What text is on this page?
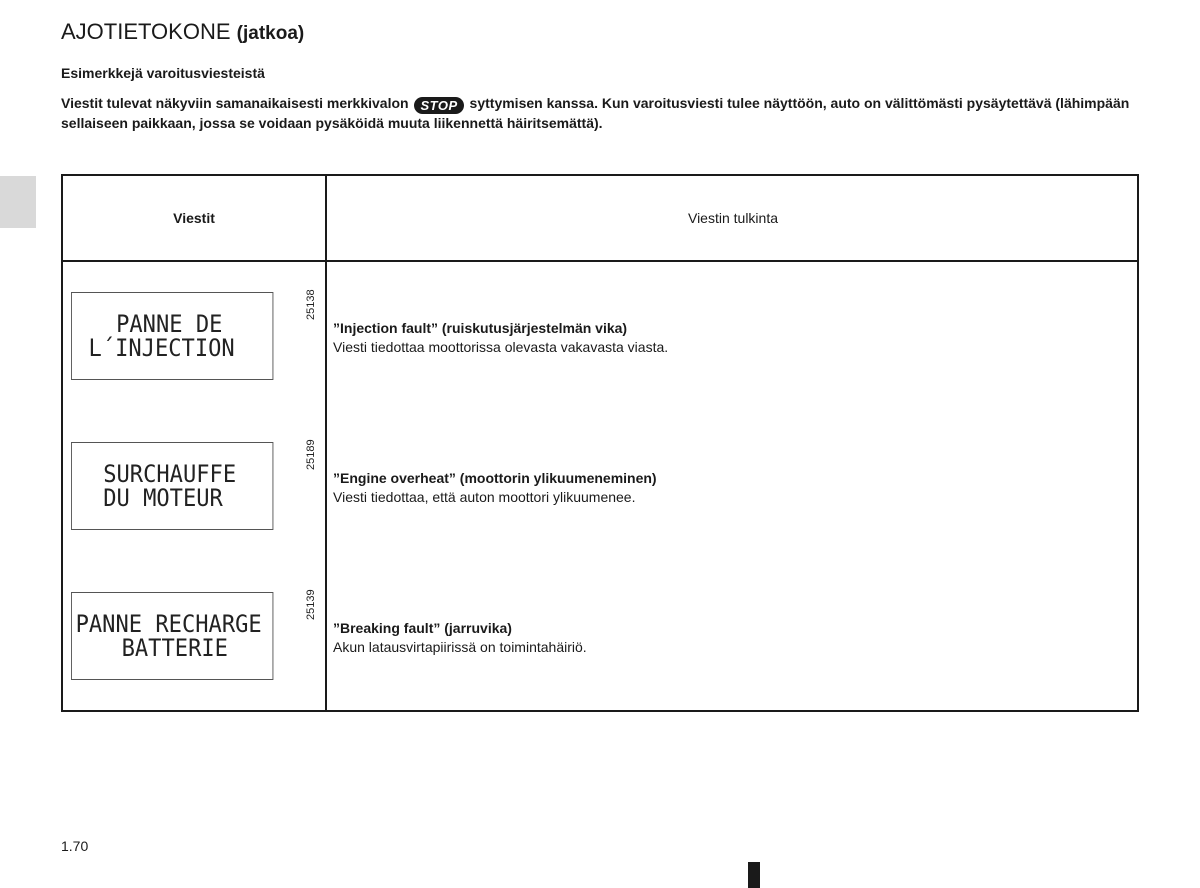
AJOTIETOKONE (jatkoa)
Esimerkkejä varoitusviesteistä
Viestit tulevat näkyviin samanaikaisesti merkkivalon STOP syttymisen kanssa. Kun varoitusviesti tulee näyttöön, auto on välittömästi pysäytettävä (lähimpään sellaiseen paikkaan, jossa se voidaan pysäköidä muuta liikennettä häiritsemättä).
Viestit	Viestin tulkinta
PANNE DE
L´INJECTION
25138
”Injection fault” (ruiskutusjärjestelmän vika)
Viesti tiedottaa moottorissa olevasta vakavasta viasta.
SURCHAUFFE
DU MOTEUR
25189
”Engine overheat” (moottorin ylikuumeneminen)
Viesti tiedottaa, että auton moottori ylikuumenee.
PANNE RECHARGE
BATTERIE
25139
”Breaking fault” (jarruvika)
Akun latausvirtapiirissä on toimintahäiriö.
1.70
